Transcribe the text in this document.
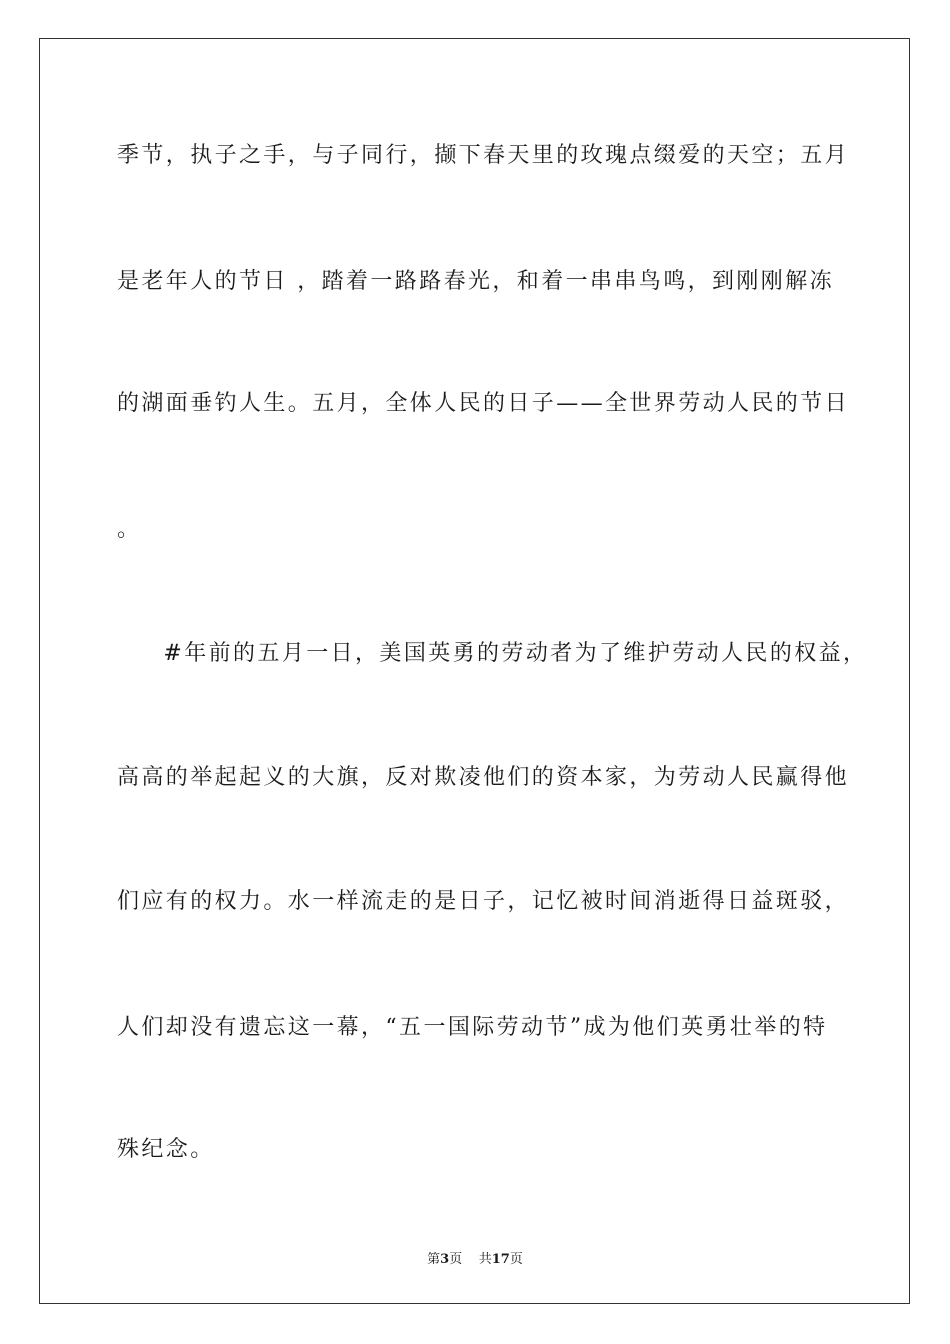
季节，执子之手，与子同行，撷下春天里的玫瑰点缀爱的天空；五月
是老年人的节日 ，踏着一路路春光，和着一串串鸟鸣，到刚刚解冻
的湖面垂钓人生。五月，全体人民的日子——全世界劳动人民的节日
。
　#年前的五月一日，美国英勇的劳动者为了维护劳动人民的权益，
高高的举起起义的大旗，反对欺凌他们的资本家，为劳动人民赢得他
们应有的权力。水一样流走的是日子，记忆被时间消逝得日益斑驳，
人们却没有遗忘这一幕，“五一国际劳动节”成为他们英勇壮举的特
殊纪念。
第3页 共17页
